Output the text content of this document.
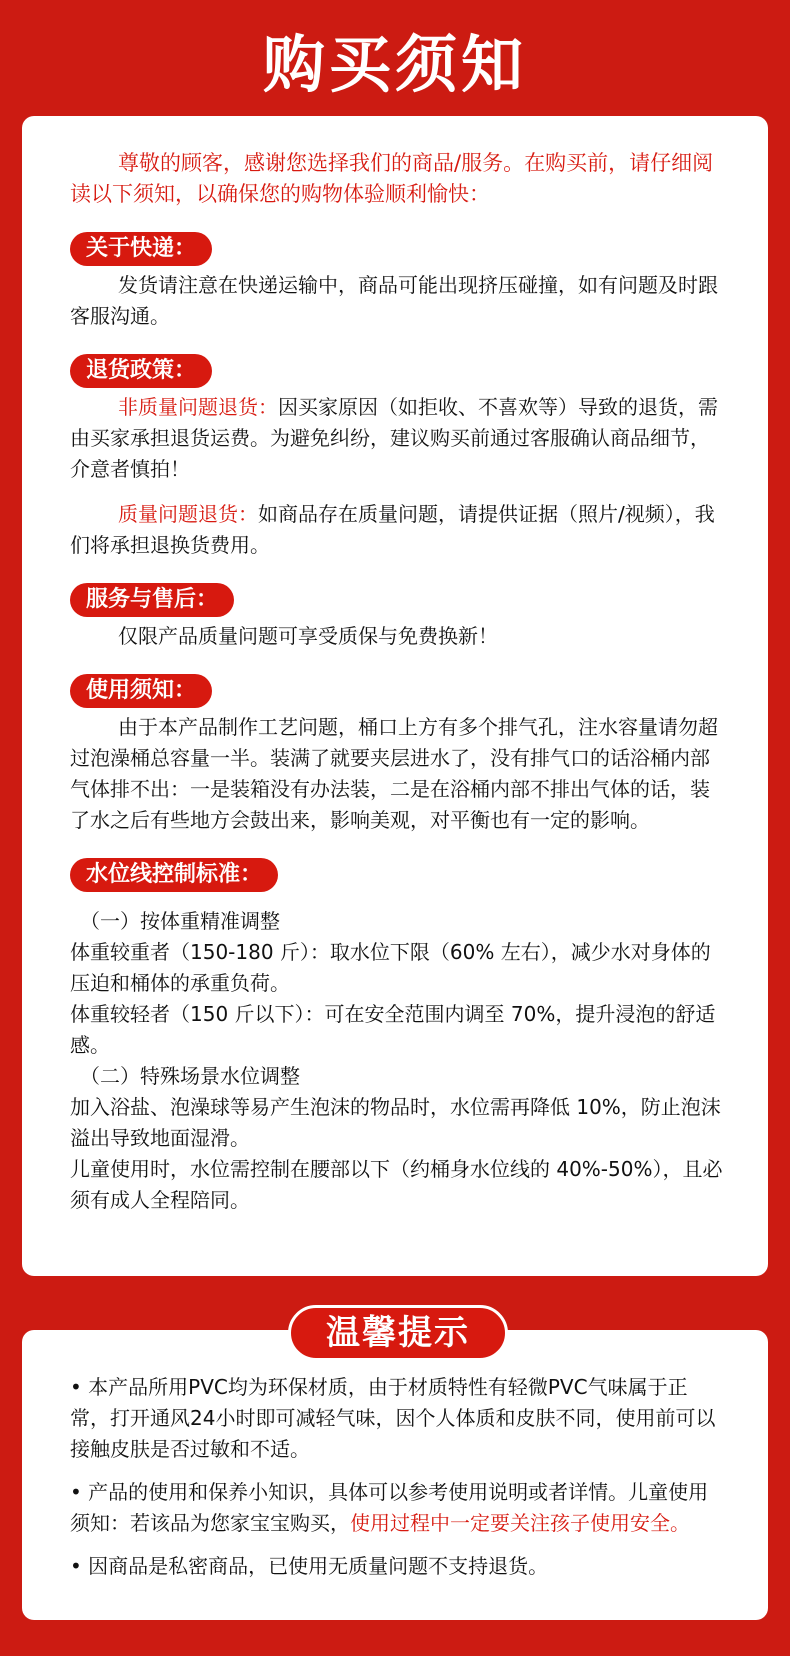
购买须知

尊敬的顾客，感谢您选择我们的商品/服务。在购买前，请仔细阅读以下须知，以确保您的购物体验顺利愉快：

关于快递：

发货请注意在快递运输中，商品可能出现挤压碰撞，如有问题及时跟客服沟通。

退货政策：

非质量问题退货：因买家原因（如拒收、不喜欢等）导致的退货，需由买家承担退货运费。为避免纠纷，建议购买前通过客服确认商品细节，介意者慎拍！

质量问题退货：如商品存在质量问题，请提供证据（照片/视频），我们将承担退换货费用。

服务与售后：

仅限产品质量问题可享受质保与免费换新！

使用须知：

由于本产品制作工艺问题，桶口上方有多个排气孔，注水容量请勿超过泡澡桶总容量一半。装满了就要夹层进水了，没有排气口的话浴桶内部气体排不出：一是装箱没有办法装，二是在浴桶内部不排出气体的话，装了水之后有些地方会鼓出来，影响美观，对平衡也有一定的影响。

水位线控制标准：

（一）按体重精准调整

体重较重者（150-180 斤）：取水位下限（60% 左右），减少水对身体的压迫和桶体的承重负荷。

体重较轻者（150 斤以下）：可在安全范围内调至 70%，提升浸泡的舒适感。

（二）特殊场景水位调整

加入浴盐、泡澡球等易产生泡沫的物品时，水位需再降低 10%，防止泡沫溢出导致地面湿滑。

儿童使用时，水位需控制在腰部以下（约桶身水位线的 40%-50%），且必须有成人全程陪同。

• 本产品所用PVC均为环保材质，由于材质特性有轻微PVC气味属于正常，打开通风24小时即可减轻气味，因个人体质和皮肤不同，使用前可以接触皮肤是否过敏和不适。

• 产品的使用和保养小知识，具体可以参考使用说明或者详情。儿童使用须知：若该品为您家宝宝购买，使用过程中一定要关注孩子使用安全。

• 因商品是私密商品，已使用无质量问题不支持退货。

温馨提示
